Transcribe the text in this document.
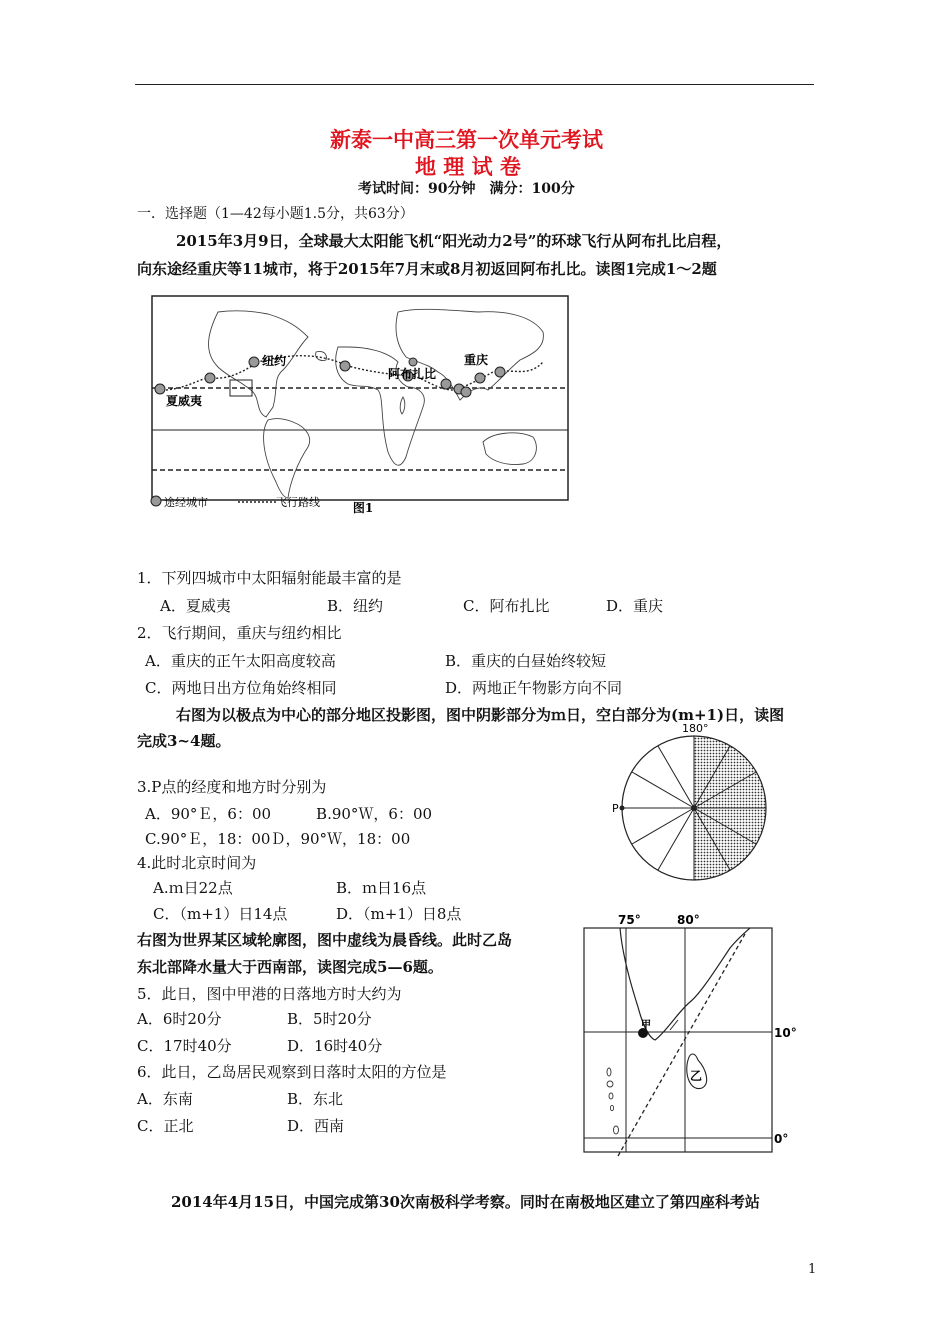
新泰一中高三第一次单元考试
地 理 试 卷
考试时间：90分钟　满分：100分
一．选择题（1—42每小题1.5分，共63分）
2015年3月9日，全球最大太阳能飞机“阳光动力2号”的环球飞行从阿布扎比启程，
向东途经重庆等11城市，将于2015年7月末或8月初返回阿布扎比。读图1完成1～2题
纽约
阿布扎比
重庆
夏威夷
途经城市	飞行路线	图1
1．下列四城市中太阳辐射能最丰富的是
A．夏威夷	B．纽约	C．阿布扎比	D．重庆
2．飞行期间，重庆与纽约相比
A．重庆的正午太阳高度较高	B．重庆的白昼始终较短
C．两地日出方位角始终相同	D．两地正午物影方向不同
右图为以极点为中心的部分地区投影图，图中阴影部分为ｍ日，空白部分为(m+1)日，读图
完成3~4题。
180°
P
3.P点的经度和地方时分别为
A．90°Ｅ，6：00　　　B.90°Ｗ，6：00
C.90°Ｅ，18：00Ｄ，90°Ｗ，18：00
4.此时北京时间为
A.ｍ日22点	B．ｍ日16点
C．（m+1）日14点	D．（m+1）日8点
右图为世界某区域轮廓图，图中虚线为晨昏线。此时乙岛
东北部降水量大于西南部，读图完成5—6题。
75°	80°
10°
0°
甲
乙
5．此日，图中甲港的日落地方时大约为
A．6时20分	B．5时20分
C．17时40分	D．16时40分
6．此日，乙岛居民观察到日落时太阳的方位是
A．东南	B．东北
C．正北	D．西南
2014年4月15日，中国完成第30次南极科学考察。同时在南极地区建立了第四座科考站
1
